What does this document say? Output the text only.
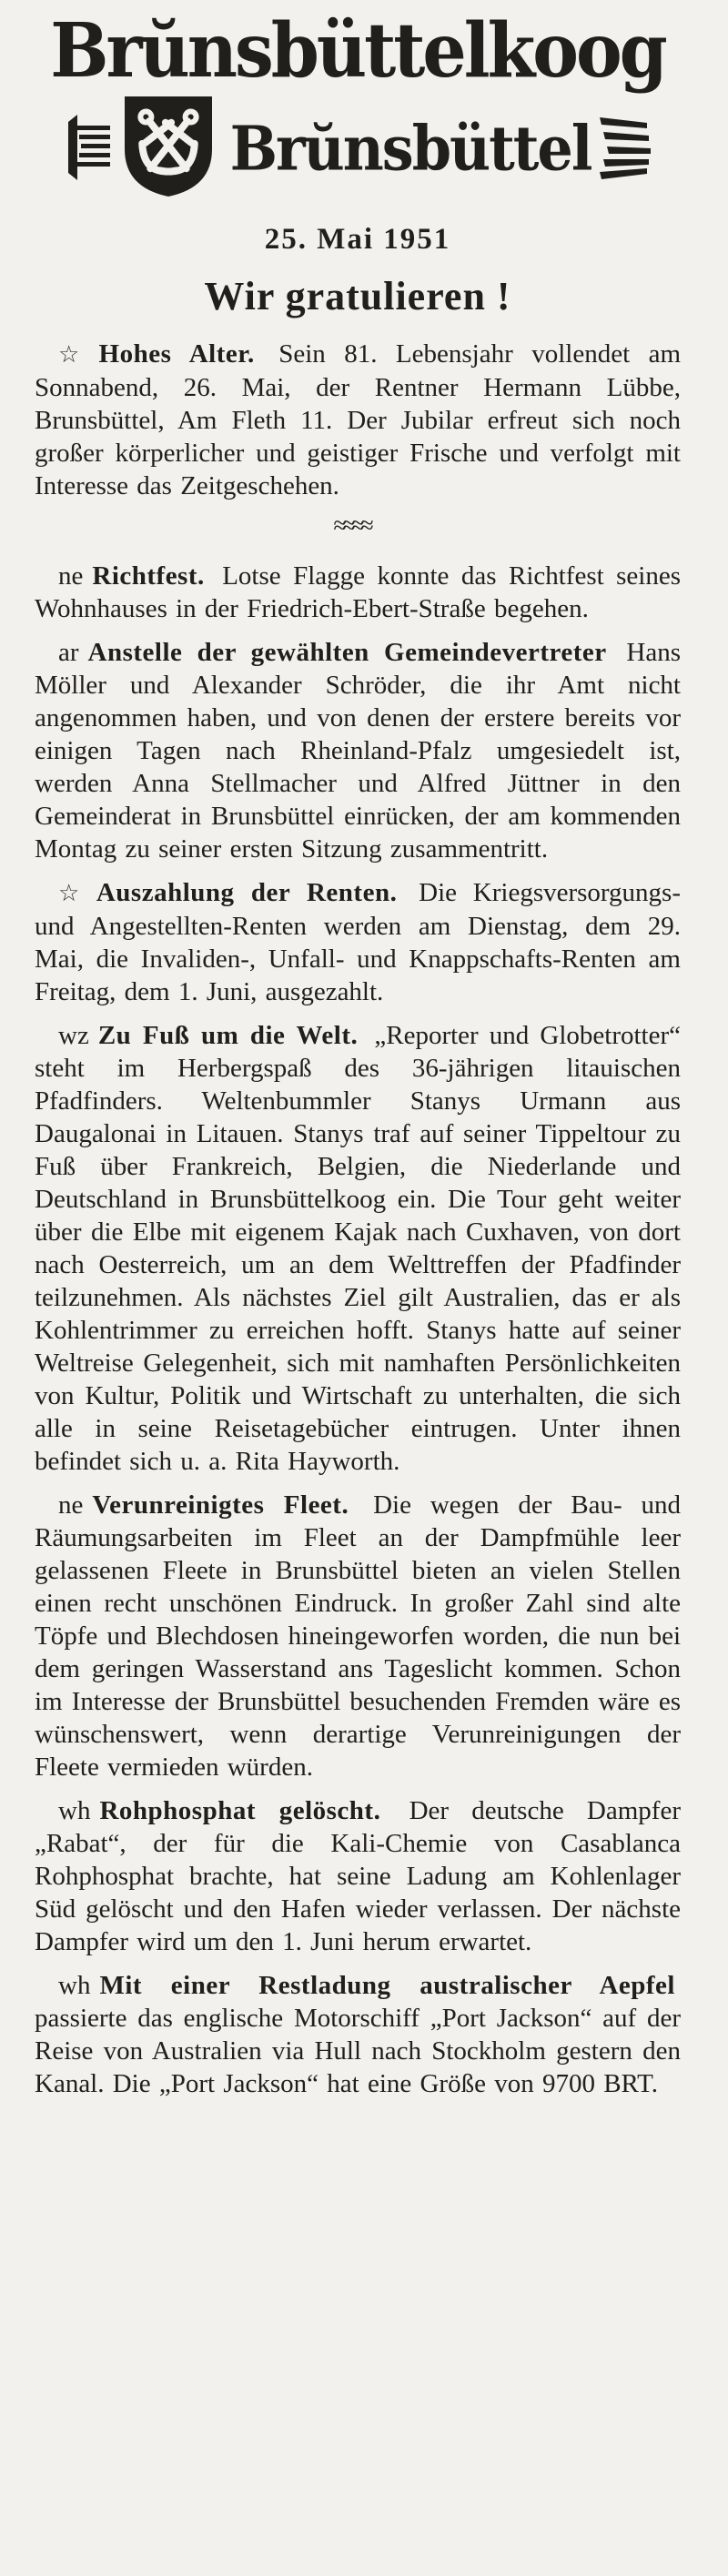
Brŭnsbüttelkoog
Brŭnsbüttel
25. Mai 1951
Wir gratulieren !

☆ Hohes Alter. Sein 81. Lebensjahr vollendet am Sonnabend, 26. Mai, der Rentner Hermann Lübbe, Brunsbüttel, Am Fleth 11. Der Jubilar erfreut sich noch großer körperlicher und geistiger Frische und verfolgt mit Interesse das Zeitgeschehen.

≈≈≈≈

ne Richtfest. Lotse Flagge konnte das Richtfest seines Wohnhauses in der Friedrich-Ebert-Straße begehen.

ar Anstelle der gewählten Gemeindevertreter Hans Möller und Alexander Schröder, die ihr Amt nicht angenommen haben, und von denen der erstere bereits vor einigen Tagen nach Rheinland-Pfalz umgesiedelt ist, werden Anna Stellmacher und Alfred Jüttner in den Gemeinderat in Brunsbüttel einrücken, der am kommenden Montag zu seiner ersten Sitzung zusammentritt.

☆ Auszahlung der Renten. Die Kriegsversorgungs- und Angestellten-Renten werden am Dienstag, dem 29. Mai, die Invaliden-, Unfall- und Knappschafts-Renten am Freitag, dem 1. Juni, ausgezahlt.

wz Zu Fuß um die Welt. „Reporter und Globetrotter“ steht im Herbergspaß des 36-jährigen litauischen Pfadfinders. Weltenbummler Stanys Urmann aus Daugalonai in Litauen. Stanys traf auf seiner Tippeltour zu Fuß über Frankreich, Belgien, die Niederlande und Deutschland in Brunsbüttelkoog ein. Die Tour geht weiter über die Elbe mit eigenem Kajak nach Cuxhaven, von dort nach Oesterreich, um an dem Welttreffen der Pfadfinder teilzunehmen. Als nächstes Ziel gilt Australien, das er als Kohlentrimmer zu erreichen hofft. Stanys hatte auf seiner Weltreise Gelegenheit, sich mit namhaften Persönlichkeiten von Kultur, Politik und Wirtschaft zu unterhalten, die sich alle in seine Reisetagebücher eintrugen. Unter ihnen befindet sich u. a. Rita Hayworth.

ne Verunreinigtes Fleet. Die wegen der Bau- und Räumungsarbeiten im Fleet an der Dampfmühle leer gelassenen Fleete in Brunsbüttel bieten an vielen Stellen einen recht unschönen Eindruck. In großer Zahl sind alte Töpfe und Blechdosen hineingeworfen worden, die nun bei dem geringen Wasserstand ans Tageslicht kommen. Schon im Interesse der Brunsbüttel besuchenden Fremden wäre es wünschenswert, wenn derartige Verunreinigungen der Fleete vermieden würden.

wh Rohphosphat gelöscht. Der deutsche Dampfer „Rabat“, der für die Kali-Chemie von Casablanca Rohphosphat brachte, hat seine Ladung am Kohlenlager Süd gelöscht und den Hafen wieder verlassen. Der nächste Dampfer wird um den 1. Juni herum erwartet.

wh Mit einer Restladung australischer Aepfel passierte das englische Motorschiff „Port Jackson“ auf der Reise von Australien via Hull nach Stockholm gestern den Kanal. Die „Port Jackson“ hat eine Größe von 9700 BRT.
